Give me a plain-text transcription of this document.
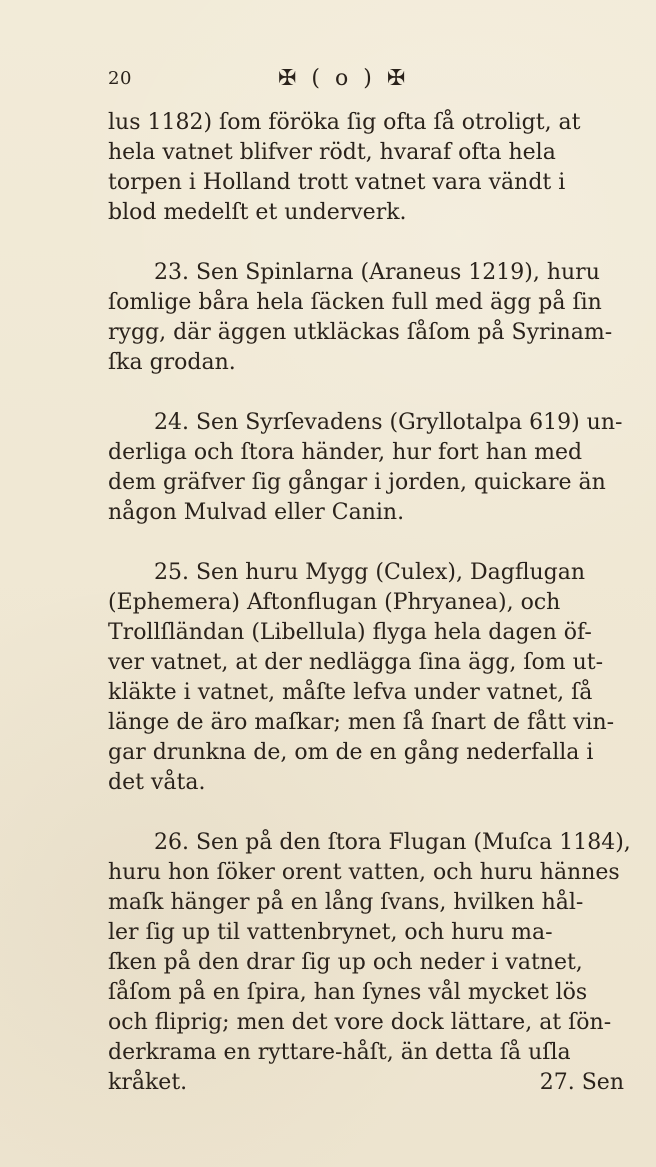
20	✠ ( o ) ✠

lus 1182) ſom föröka ſig ofta ſå otroligt, at
hela vatnet blifver rödt, hvaraf ofta hela
torpen i Holland trott vatnet vara vändt i
blod medelſt et underverk.

23. Sen Spinlarna (Araneus 1219), huru
ſomlige båra hela ſäcken full med ägg på ſin
rygg, där äggen utkläckas ſåſom på Syrinam-
ſka grodan.

24. Sen Syrſevadens (Gryllotalpa 619) un-
derliga och ſtora händer, hur fort han med
dem gräfver ſig gångar i jorden, quickare än
någon Mulvad eller Canin.

25. Sen huru Mygg (Culex), Dagflugan
(Ephemera) Aftonflugan (Phryanea), och
Trollſländan (Libellula) flyga hela dagen öf-
ver vatnet, at der nedlägga ſina ägg, ſom ut-
kläkte i vatnet, måſte lefva under vatnet, ſå
länge de äro maſkar; men ſå ſnart de fått vin-
gar drunkna de, om de en gång nederfalla i
det våta.

26. Sen på den ſtora Flugan (Muſca 1184),
huru hon ſöker orent vatten, och huru hännes
maſk hänger på en lång ſvans, hvilken hål-
ler ſig up til vattenbrynet, och huru ma-
ſken på den drar ſig up och neder i vatnet,
ſåſom på en ſpira, han ſynes vål mycket lös
och fliprig; men det vore dock lättare, at ſön-
derkrama en ryttare-håſt, än detta ſå uſla
kråket.	27. Sen
